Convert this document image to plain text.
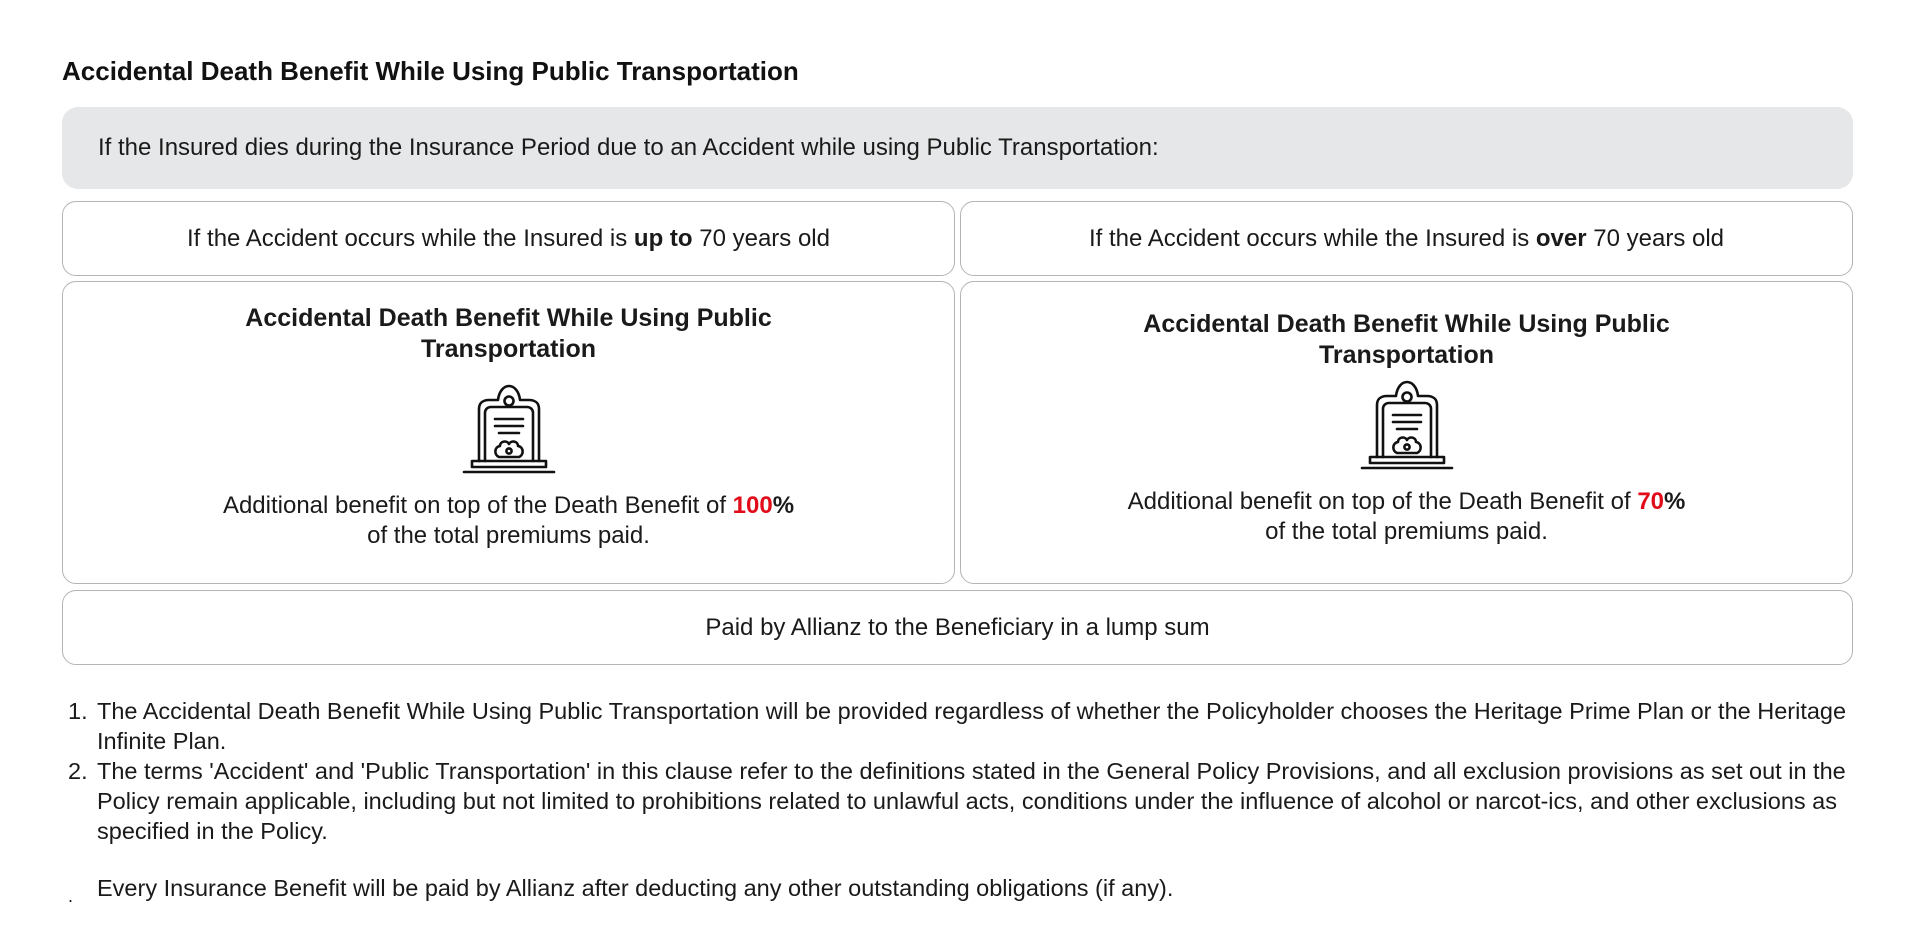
Accidental Death Benefit While Using Public Transportation
If the Insured dies during the Insurance Period due to an Accident while using Public Transportation:
If the Accident occurs while the Insured is up to 70 years old	If the Accident occurs while the Insured is over 70 years old
Accidental Death Benefit While Using Public Transportation
Additional benefit on top of the Death Benefit of 100%
of the total premiums paid.
Accidental Death Benefit While Using Public Transportation
Additional benefit on top of the Death Benefit of 70%
of the total premiums paid.
Paid by Allianz to the Beneficiary in a lump sum
1. The Accidental Death Benefit While Using Public Transportation will be provided regardless of whether the Policyholder chooses the Heritage Prime Plan or the Heritage Infinite Plan.
2. The terms 'Accident' and 'Public Transportation' in this clause refer to the definitions stated in the General Policy Provisions, and all exclusion provisions as set out in the Policy remain applicable, including but not limited to prohibitions related to unlawful acts, conditions under the influence of alcohol or narcot-ics, and other exclusions as specified in the Policy.
. Every Insurance Benefit will be paid by Allianz after deducting any other outstanding obligations (if any).
